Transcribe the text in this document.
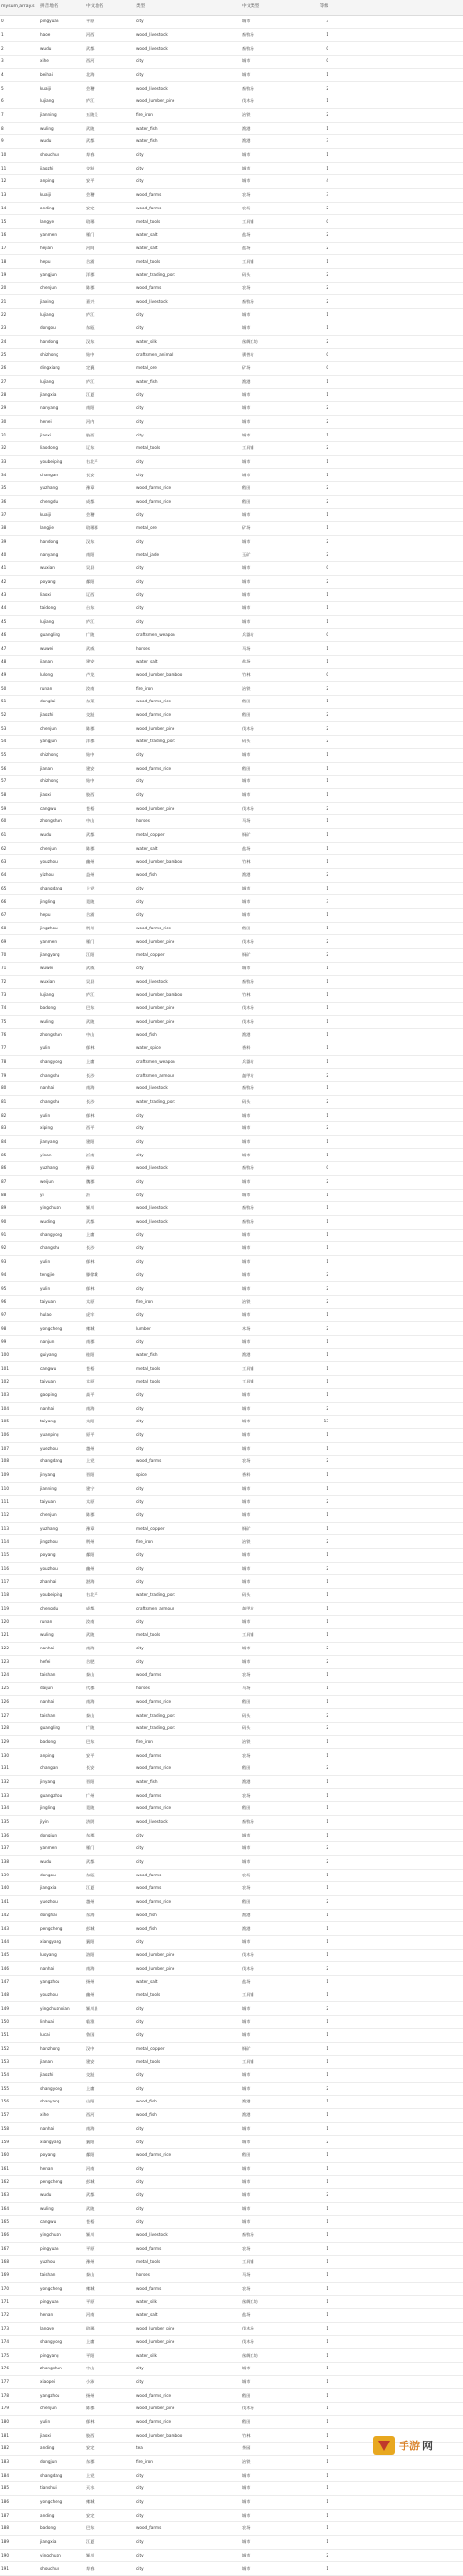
mysum_array.s	拼音地名	中文地名	类型	中文类型	等级
0	pingyuan	平原	city	城市	3
1	haoe	河西	wood_livestock	畜牧场	1
2	wudu	武都	wood_livestock	畜牧场	0
3	xihe	西河	city	城市	0
4	beihai	北海	city	城市	1
5	kuaiji	会稽	wood_livestock	畜牧场	2
6	lujiang	庐江	wood_lumber_pine	伐木场	1
7	jianning	五陵关	fire_iron	冶铁	2
8	wuling	武陵	water_fish	渔港	1
9	wudu	武都	water_fish	渔港	3
10	shouchun	寿春	city	城市	1
11	jiaozhi	交趾	city	城市	1
12	anping	安平	city	城市	4
13	kuaiji	会稽	wood_farms	农场	3
14	anding	安定	wood_farms	农场	2
15	langye	琅琊	metal_tools	工具铺	0
16	yanmen	雁门	water_salt	盐场	2
17	hejian	河间	water_salt	盐场	2
18	hepu	合浦	metal_tools	工具铺	1
19	yangjun	洋郡	water_trading_port	码头	2
20	chenjun	陈郡	wood_farms	农场	2
21	jiaxing	嘉兴	wood_livestock	畜牧场	2
22	lujiang	庐江	city	城市	1
23	dongou	东瓯	city	城市	1
24	handong	汉东	water_silk	丝绸工坊	2
25	shizhong	始中	craftsmen_animal	驯兽坊	0
26	dingxiang	定襄	metal_ore	矿场	0
27	lujiang	庐江	water_fish	渔港	1
28	jiangxia	江夏	city	城市	1
29	nanyang	南阳	city	城市	2
30	henei	河内	city	城市	2
31	jiaoxi	胶西	city	城市	1
32	liaodong	辽东	metal_tools	工具铺	2
33	youbeiping	右北平	city	城市	1
34	changan	长安	city	城市	1
35	yuzhang	豫章	wood_farms_rice	稻田	2
36	chengdu	成都	wood_farms_rice	稻田	2
37	kuaiji	会稽	city	城市	1
38	langjie	琅琊郡	metal_ore	矿场	1
39	handong	汉东	city	城市	2
40	nanyang	南阳	metal_jade	玉矿	2
41	wuxian	吴县	city	城市	0
42	poyang	鄱阳	city	城市	2
43	liaoxi	辽西	city	城市	1
44	taidong	台东	city	城市	1
45	lujiang	庐江	city	城市	1
46	guangling	广陵	craftsmen_weapon	兵器坊	0
47	wuwei	武威	horses	马场	1
48	jianan	建安	water_salt	盐场	1
49	lulong	卢龙	wood_lumber_bamboo	竹林	0
50	runan	汝南	fire_iron	冶铁	2
51	donglai	东莱	wood_farms_rice	稻田	1
52	jiaozhi	交趾	wood_farms_rice	稻田	2
53	chenjun	陈郡	wood_lumber_pine	伐木场	2
54	yangjun	洋郡	water_trading_port	码头	2
55	shizhong	始中	city	城市	1
56	jianan	建安	wood_farms_rice	稻田	1
57	shizhong	始中	city	城市	1
58	jiaoxi	胶西	city	城市	1
59	cangwu	苍梧	wood_lumber_pine	伐木场	2
60	zhongshan	中山	horses	马场	1
61	wudu	武都	metal_copper	铜矿	1
62	chenjun	陈郡	water_salt	盐场	1
63	youzhou	幽州	wood_lumber_bamboo	竹林	1
64	yizhou	益州	wood_fish	渔港	2
65	shangdang	上党	city	城市	1
66	jingling	竟陵	city	城市	3
67	hepu	合浦	city	城市	1
68	jingzhou	荆州	wood_farms_rice	稻田	1
69	yanmen	雁门	wood_lumber_pine	伐木场	2
70	jiangyang	江阳	metal_copper	铜矿	2
71	wuwei	武威	city	城市	1
72	wuxian	吴县	wood_livestock	畜牧场	1
73	lujiang	庐江	wood_lumber_bamboo	竹林	1
74	badong	巴东	wood_lumber_pine	伐木场	1
75	wuling	武陵	wood_lumber_pine	伐木场	1
76	zhongshan	中山	wood_fish	渔港	1
77	yulin	郁林	water_spice	香料	1
78	shangyong	上庸	craftsmen_weapon	兵器坊	1
79	changsha	长沙	craftsmen_armour	盔甲坊	2
80	nanhai	南海	wood_livestock	畜牧场	1
81	changsha	长沙	water_trading_port	码头	2
82	yulin	郁林	city	城市	1
83	xiping	西平	city	城市	2
84	jianyang	建阳	city	城市	1
85	yinan	沂南	city	城市	1
86	yuzhang	豫章	wood_livestock	畜牧场	0
87	weijun	魏郡	city	城市	2
88	yi	沂	city	城市	1
89	yingchuan	颍川	wood_livestock	畜牧场	1
90	wuding	武都	wood_livestock	畜牧场	1
91	shangyong	上庸	city	城市	1
92	changsha	长沙	city	城市	1
93	yulin	郁林	city	城市	1
94	tengjie	滕徐城	city	城市	2
95	yulin	郁林	city	城市	2
96	taiyuan	太原	fire_iron	冶铁	2
97	hulao	虎牢	city	城市	1
98	yongcheng	雍城	lumber	木场	2
99	nanjun	南郡	city	城市	1
100	guiyang	桂阳	water_fish	渔港	1
101	cangwu	苍梧	metal_tools	工具铺	1
102	taiyuan	太原	metal_tools	工具铺	1
103	gaoping	高平	city	城市	1
104	nanhai	南海	city	城市	2
105	taiyang	太阳	city	城市	13
106	yuanping	原平	city	城市	1
107	yuezhou	越州	city	城市	1
108	shangdang	上党	wood_farms	农场	2
109	jinyang	晋阳	spice	香料	1
110	jianning	建宁	city	城市	1
111	taiyuan	太原	city	城市	2
112	chenjun	陈郡	city	城市	1
113	yuzhang	豫章	metal_copper	铜矿	1
114	jingzhou	荆州	fire_iron	冶铁	2
115	poyang	鄱阳	city	城市	1
116	youzhou	幽州	city	城市	2
117	zhanhai	湛海	city	城市	1
118	youbeiping	右北平	water_trading_port	码头	1
119	chengdu	成都	craftsmen_armour	盔甲坊	1
120	runan	汝南	city	城市	1
121	wuling	武陵	metal_tools	工具铺	1
122	nanhai	南海	city	城市	2
123	hefei	合肥	city	城市	2
124	taishan	泰山	wood_farms	农场	1
125	daijun	代郡	horses	马场	1
126	nanhai	南海	wood_farms_rice	稻田	1
127	taishan	泰山	water_trading_port	码头	2
128	guangling	广陵	water_trading_port	码头	2
129	badong	巴东	fire_iron	冶铁	1
130	anping	安平	wood_farms	农场	1
131	changan	长安	wood_farms_rice	稻田	2
132	jinyang	晋阳	water_fish	渔港	1
133	guangzhou	广州	wood_farms	农场	1
134	jingling	竟陵	wood_farms_rice	稻田	1
135	jiyin	济阴	wood_livestock	畜牧场	1
136	dongjun	东郡	city	城市	1
137	yanmen	雁门	city	城市	2
138	wudu	武都	city	城市	2
139	dongou	东瓯	wood_farms	农场	1
140	jiangxia	江夏	wood_farms	农场	1
141	yuezhou	越州	wood_farms_rice	稻田	2
142	donghai	东海	wood_fish	渔港	1
143	pengcheng	彭城	wood_fish	渔港	1
144	xiangyang	襄阳	city	城市	1
145	luoyang	洛阳	wood_lumber_pine	伐木场	1
146	nanhai	南海	wood_lumber_pine	伐木场	2
147	yangzhou	扬州	water_salt	盐场	1
148	youzhou	幽州	metal_tools	工具铺	1
149	yingchuanxian	颍川县	city	城市	2
150	linhuai	临淮	city	城市	1
151	lucai	鲁国	city	城市	1
152	hanzhong	汉中	metal_copper	铜矿	1
153	jianan	建安	metal_tools	工具铺	1
154	jiaozhi	交趾	city	城市	1
155	shangyong	上庸	city	城市	2
156	shanyang	山阳	wood_fish	渔港	1
157	xihe	西河	wood_fish	渔港	1
158	nanhai	南海	city	城市	1
159	xiangyang	襄阳	city	城市	2
160	poyang	鄱阳	wood_farms_rice	稻田	1
161	henan	河南	city	城市	1
162	pengcheng	彭城	city	城市	1
163	wudu	武都	city	城市	2
164	wuling	武陵	city	城市	1
165	cangwu	苍梧	city	城市	1
166	yingchuan	颍川	wood_livestock	畜牧场	1
167	pingyuan	平原	wood_farms	农场	1
168	yuzhou	豫州	metal_tools	工具铺	1
169	taishan	泰山	horses	马场	1
170	yongcheng	雍城	wood_farms	农场	1
171	pingyuan	平原	water_silk	丝绸工坊	1
172	henan	河南	water_salt	盐场	1
173	langye	琅琊	wood_lumber_pine	伐木场	1
174	shangyong	上庸	wood_lumber_pine	伐木场	1
175	pingyang	平阳	water_silk	丝绸工坊	1
176	zhongshan	中山	city	城市	1
177	xiaopei	小沛	city	城市	1
178	yangzhou	扬州	wood_farms_rice	稻田	1
179	chenjun	陈郡	wood_lumber_pine	伐木场	1
180	yulin	郁林	wood_farms_rice	稻田	1
181	jiaoxi	胶西	wood_lumber_bamboo	竹林	1
182	anding	安定	tea	茶园	1
183	dongjun	东郡	fire_iron	冶铁	1
184	shangdang	上党	city	城市	1
185	tianshui	天水	city	城市	1
186	yongcheng	雍城	city	城市	1
187	anding	安定	city	城市	1
188	badong	巴东	wood_farms	农场	1
189	jiangxia	江夏	city	城市	1
190	yingchuan	颍川	city	城市	2
191	shouchun	寿春	city	城市	1
手游 网
